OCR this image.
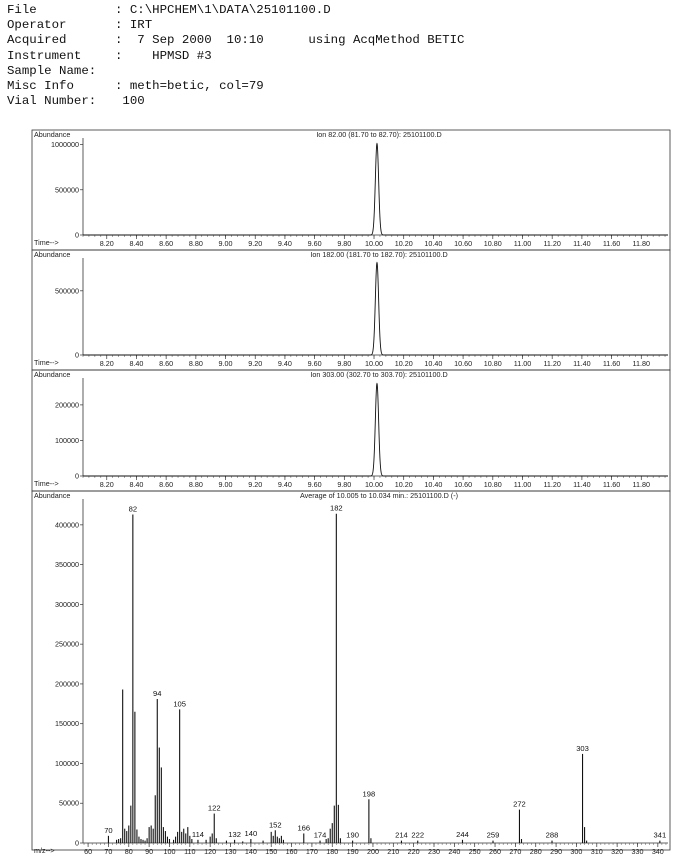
File	: C:\HPCHEM\1\DATA\25101100.D
Operator	: IRT
Acquired	:  7 Sep 2000  10:10      using AcqMethod BETIC
Instrument	:    HPMSD #3
Sample Name:
Misc Info	: meth=betic, col=79
Vial Number: 100
Abundance	Ion 82.00 (81.70 to 82.70): 25101100.D
Time-->
0
500000
1000000
8.20 8.40 8.60 8.80 9.00 9.20 9.40 9.60 9.80 10.00 10.20 10.40 10.60 10.80 11.00 11.20 11.40 11.60 11.80
Abundance	Ion 182.00 (181.70 to 182.70): 25101100.D
Time-->
0
500000
8.20 8.40 8.60 8.80 9.00 9.20 9.40 9.60 9.80 10.00 10.20 10.40 10.60 10.80 11.00 11.20 11.40 11.60 11.80
Abundance	Ion 303.00 (302.70 to 303.70): 25101100.D
Time-->
0
100000
200000
8.20 8.40 8.60 8.80 9.00 9.20 9.40 9.60 9.80 10.00 10.20 10.40 10.60 10.80 11.00 11.20 11.40 11.60 11.80
Abundance	Average of 10.005 to 10.034 min.: 25101100.D (-)
m/z-->
0
50000
100000
150000
200000
250000
300000
350000
400000
60 70 80 90 100 110 120 130 140 150 160 170 180 190 200 210 220 230 240 250 260 270 280 290 300 310 320 330 340
70
82
94
105
114
122
132 140
152 166
174
182
190
198
214 222	244 259
272
288
303
341
